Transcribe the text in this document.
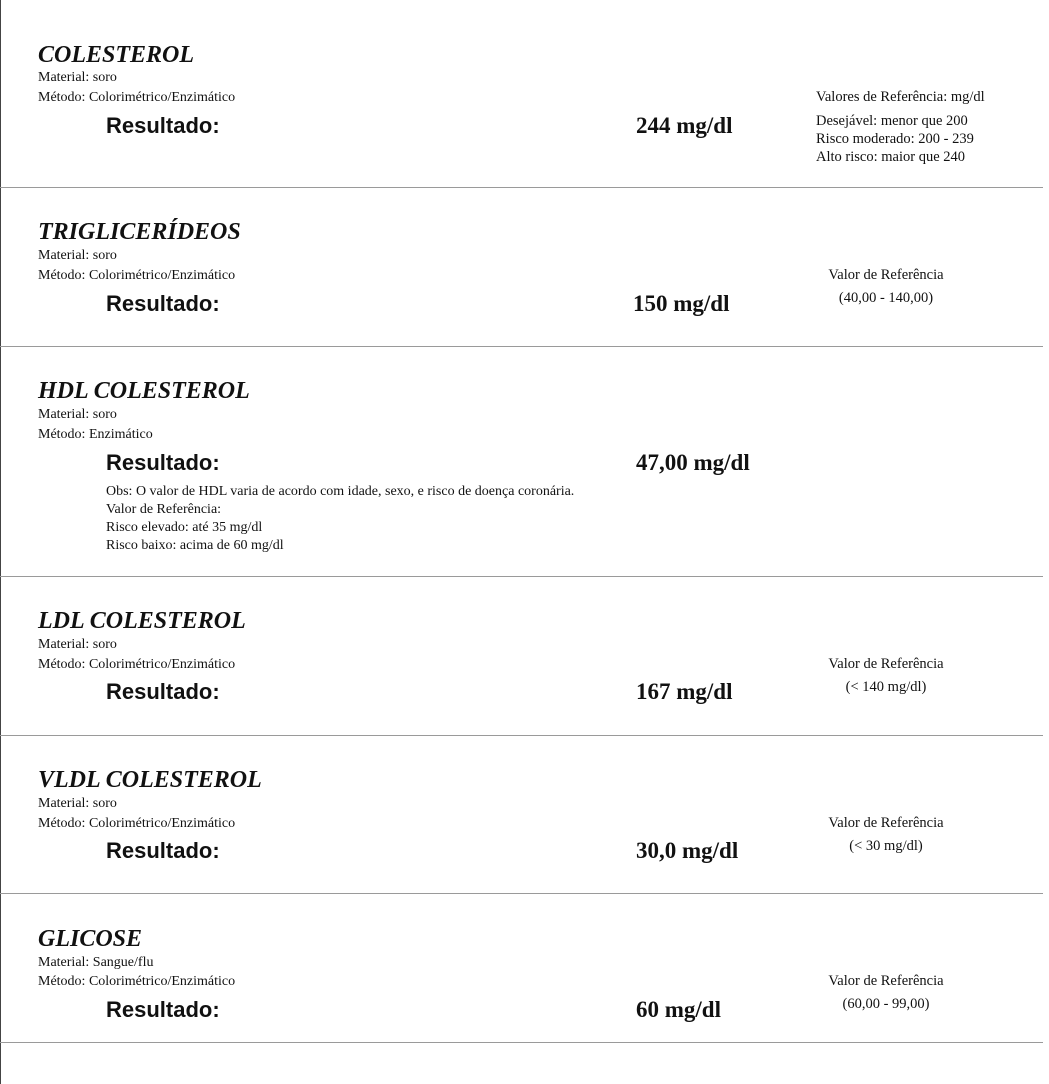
COLESTEROL
Material: soro
Método: Colorimétrico/Enzimático
Resultado:	244 mg/dl
Valores de Referência: mg/dl
Desejável: menor que 200
Risco moderado: 200 - 239
Alto risco: maior que 240
TRIGLICERÍDEOS
Material: soro
Método: Colorimétrico/Enzimático
Resultado:	150 mg/dl
Valor de Referência
(40,00 - 140,00)
HDL COLESTEROL
Material: soro
Método: Enzimático
Resultado:	47,00 mg/dl
Obs: O valor de HDL varia de acordo com idade, sexo, e risco de doença coronária.
Valor de Referência:
Risco elevado: até 35 mg/dl
Risco baixo: acima de 60 mg/dl
LDL COLESTEROL
Material: soro
Método: Colorimétrico/Enzimático
Resultado:	167 mg/dl
Valor de Referência
(< 140 mg/dl)
VLDL COLESTEROL
Material: soro
Método: Colorimétrico/Enzimático
Resultado:	30,0 mg/dl
Valor de Referência
(< 30 mg/dl)
GLICOSE
Material: Sangue/flu
Método: Colorimétrico/Enzimático
Resultado:	60 mg/dl
Valor de Referência
(60,00 - 99,00)
